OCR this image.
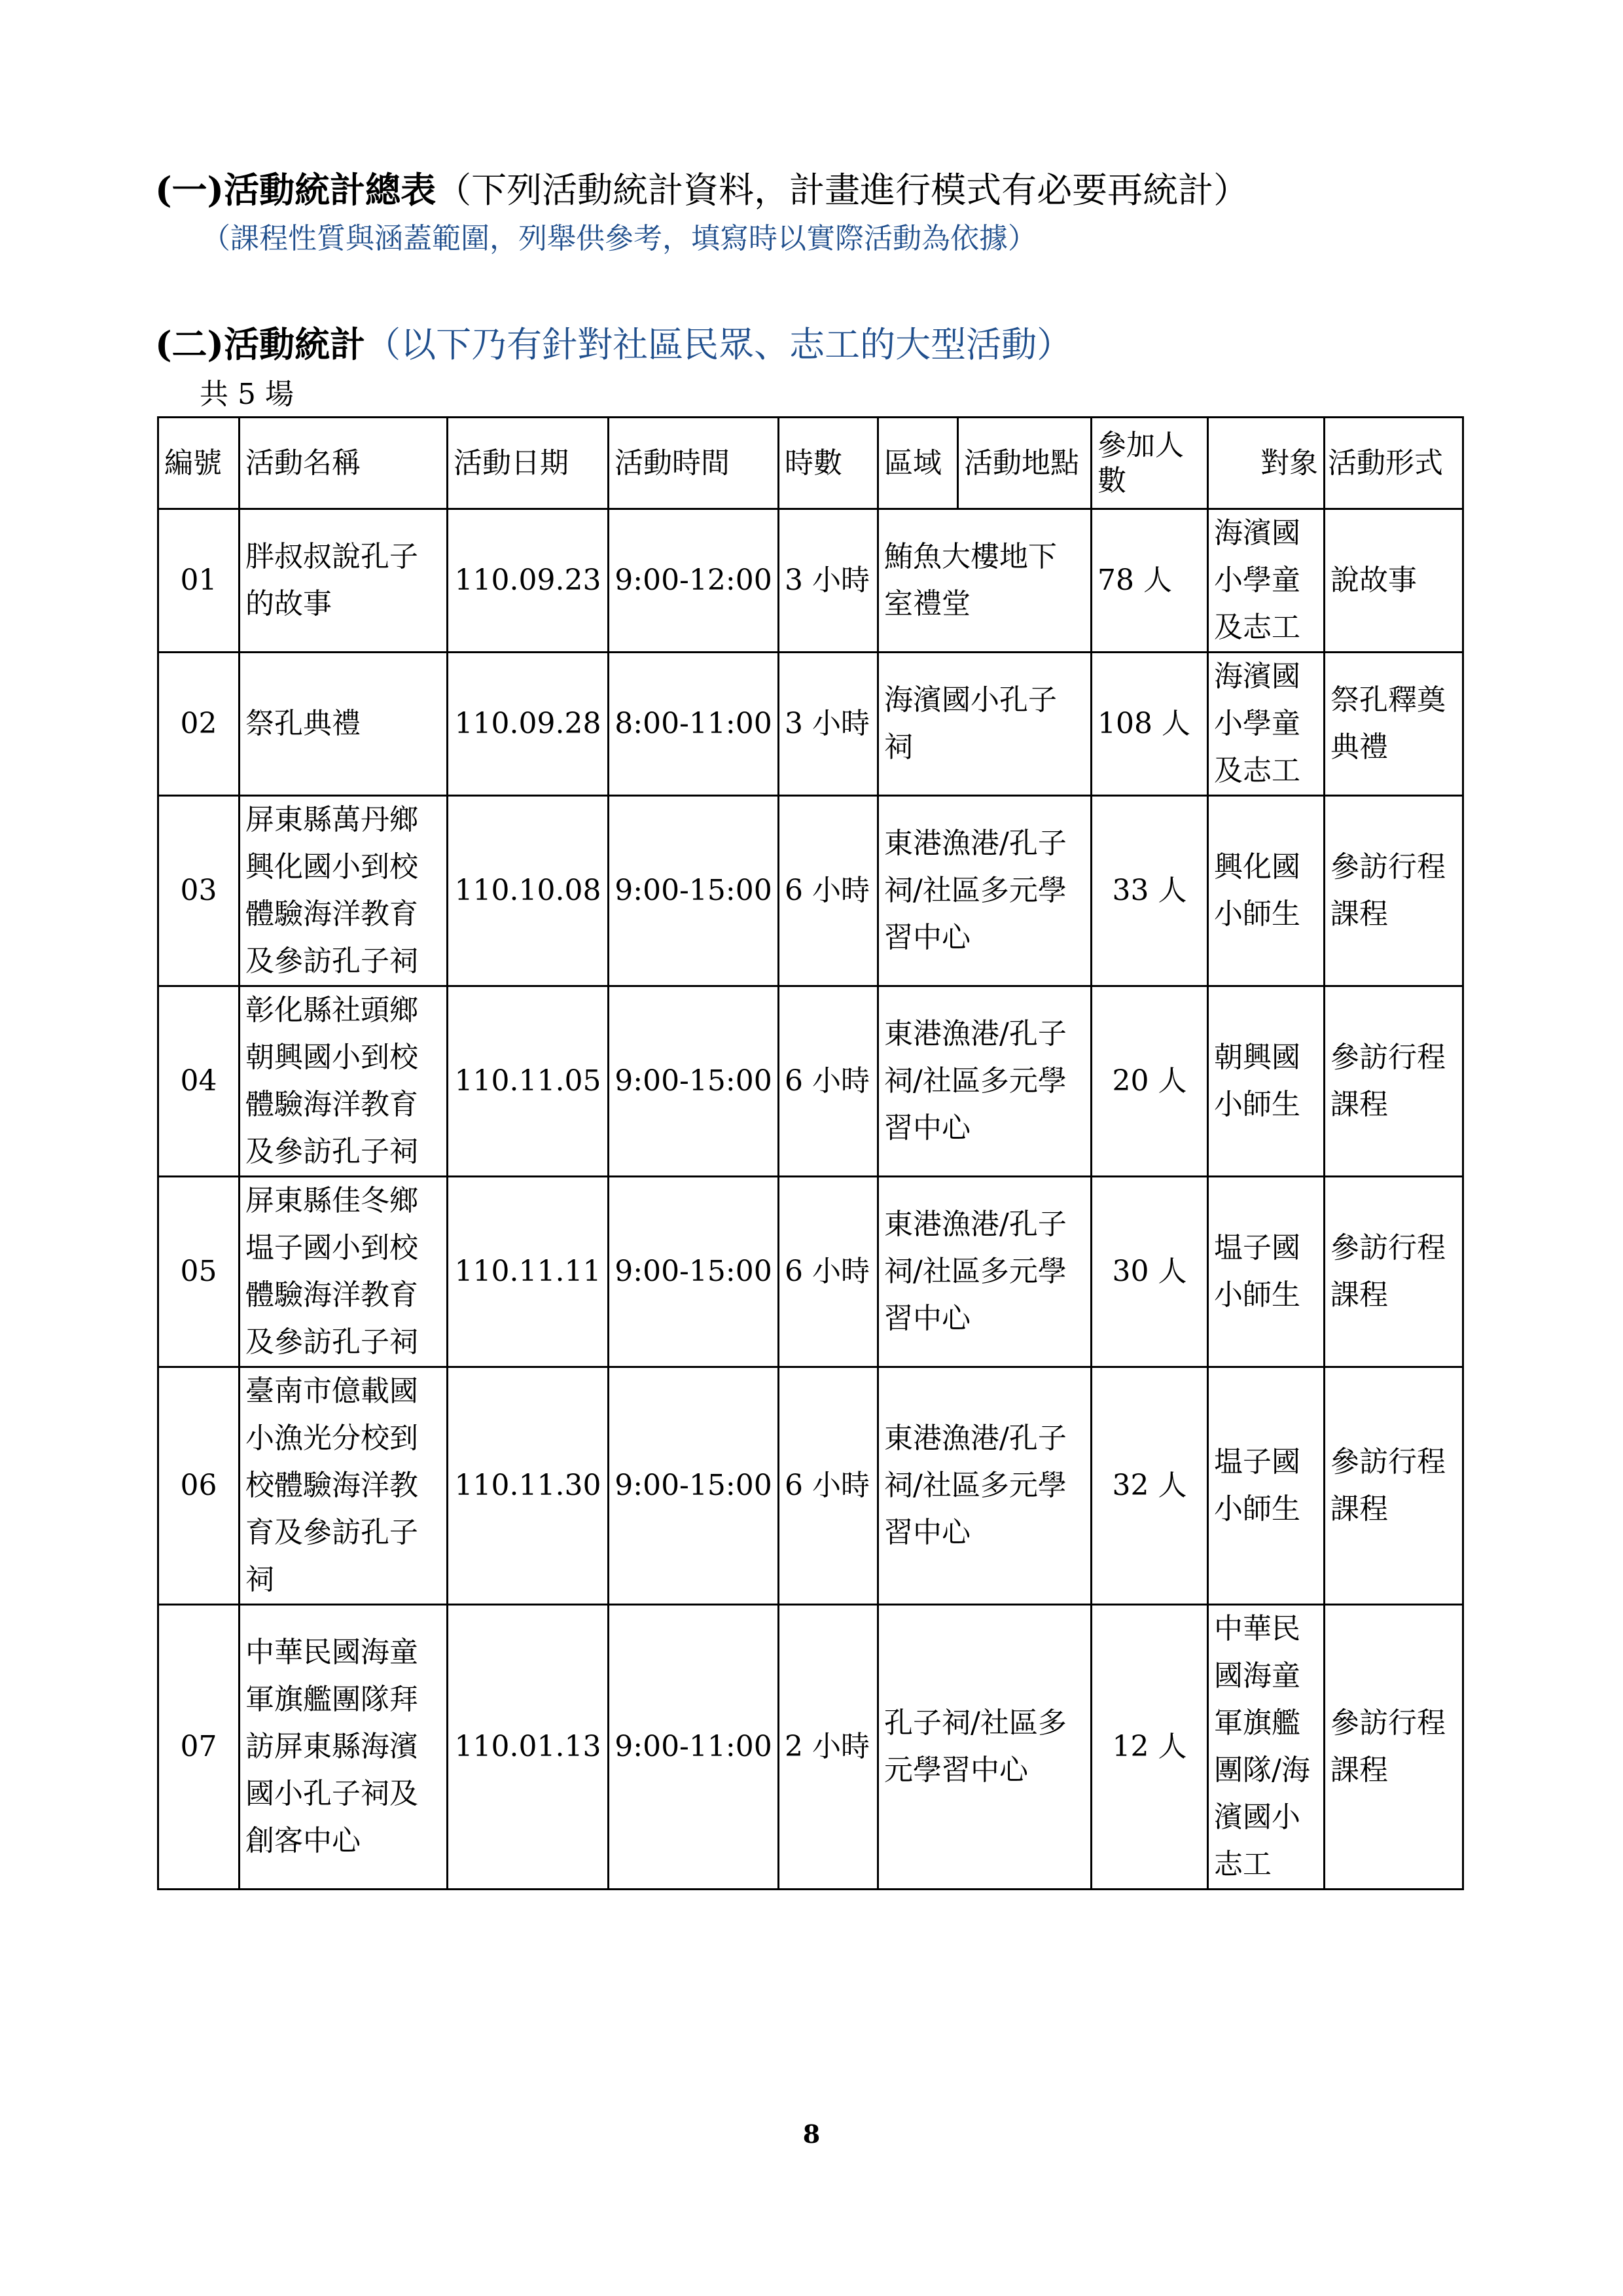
(一)活動統計總表（下列活動統計資料，計畫進行模式有必要再統計）
（課程性質與涵蓋範圍，列舉供參考，填寫時以實際活動為依據）
(二)活動統計（以下乃有針對社區民眾、志工的大型活動）
共 5 場
編號	活動名稱	活動日期	活動時間	時數	區域	活動地點	參加人數	對象	活動形式
01	胖叔叔說孔子的故事	110.09.23	9:00-12:00	3 小時	鮪魚大樓地下室禮堂		78 人	海濱國小學童及志工	說故事
02	祭孔典禮	110.09.28	8:00-11:00	3 小時	海濱國小孔子祠		108 人	海濱國小學童及志工	祭孔釋奠典禮
03	屏東縣萬丹鄉興化國小到校體驗海洋教育及參訪孔子祠	110.10.08	9:00-15:00	6 小時	東港漁港/孔子祠/社區多元學習中心		33 人	興化國小師生	參訪行程課程
04	彰化縣社頭鄉朝興國小到校體驗海洋教育及參訪孔子祠	110.11.05	9:00-15:00	6 小時	東港漁港/孔子祠/社區多元學習中心		20 人	朝興國小師生	參訪行程課程
05	屏東縣佳冬鄉塭子國小到校體驗海洋教育及參訪孔子祠	110.11.11	9:00-15:00	6 小時	東港漁港/孔子祠/社區多元學習中心		30 人	塭子國小師生	參訪行程課程
06	臺南市億載國小漁光分校到校體驗海洋教育及參訪孔子祠	110.11.30	9:00-15:00	6 小時	東港漁港/孔子祠/社區多元學習中心		32 人	塭子國小師生	參訪行程課程
07	中華民國海童軍旗艦團隊拜訪屏東縣海濱國小孔子祠及創客中心	110.01.13	9:00-11:00	2 小時	孔子祠/社區多元學習中心		12 人	中華民國海童軍旗艦團隊/海濱國小志工	參訪行程課程
8
